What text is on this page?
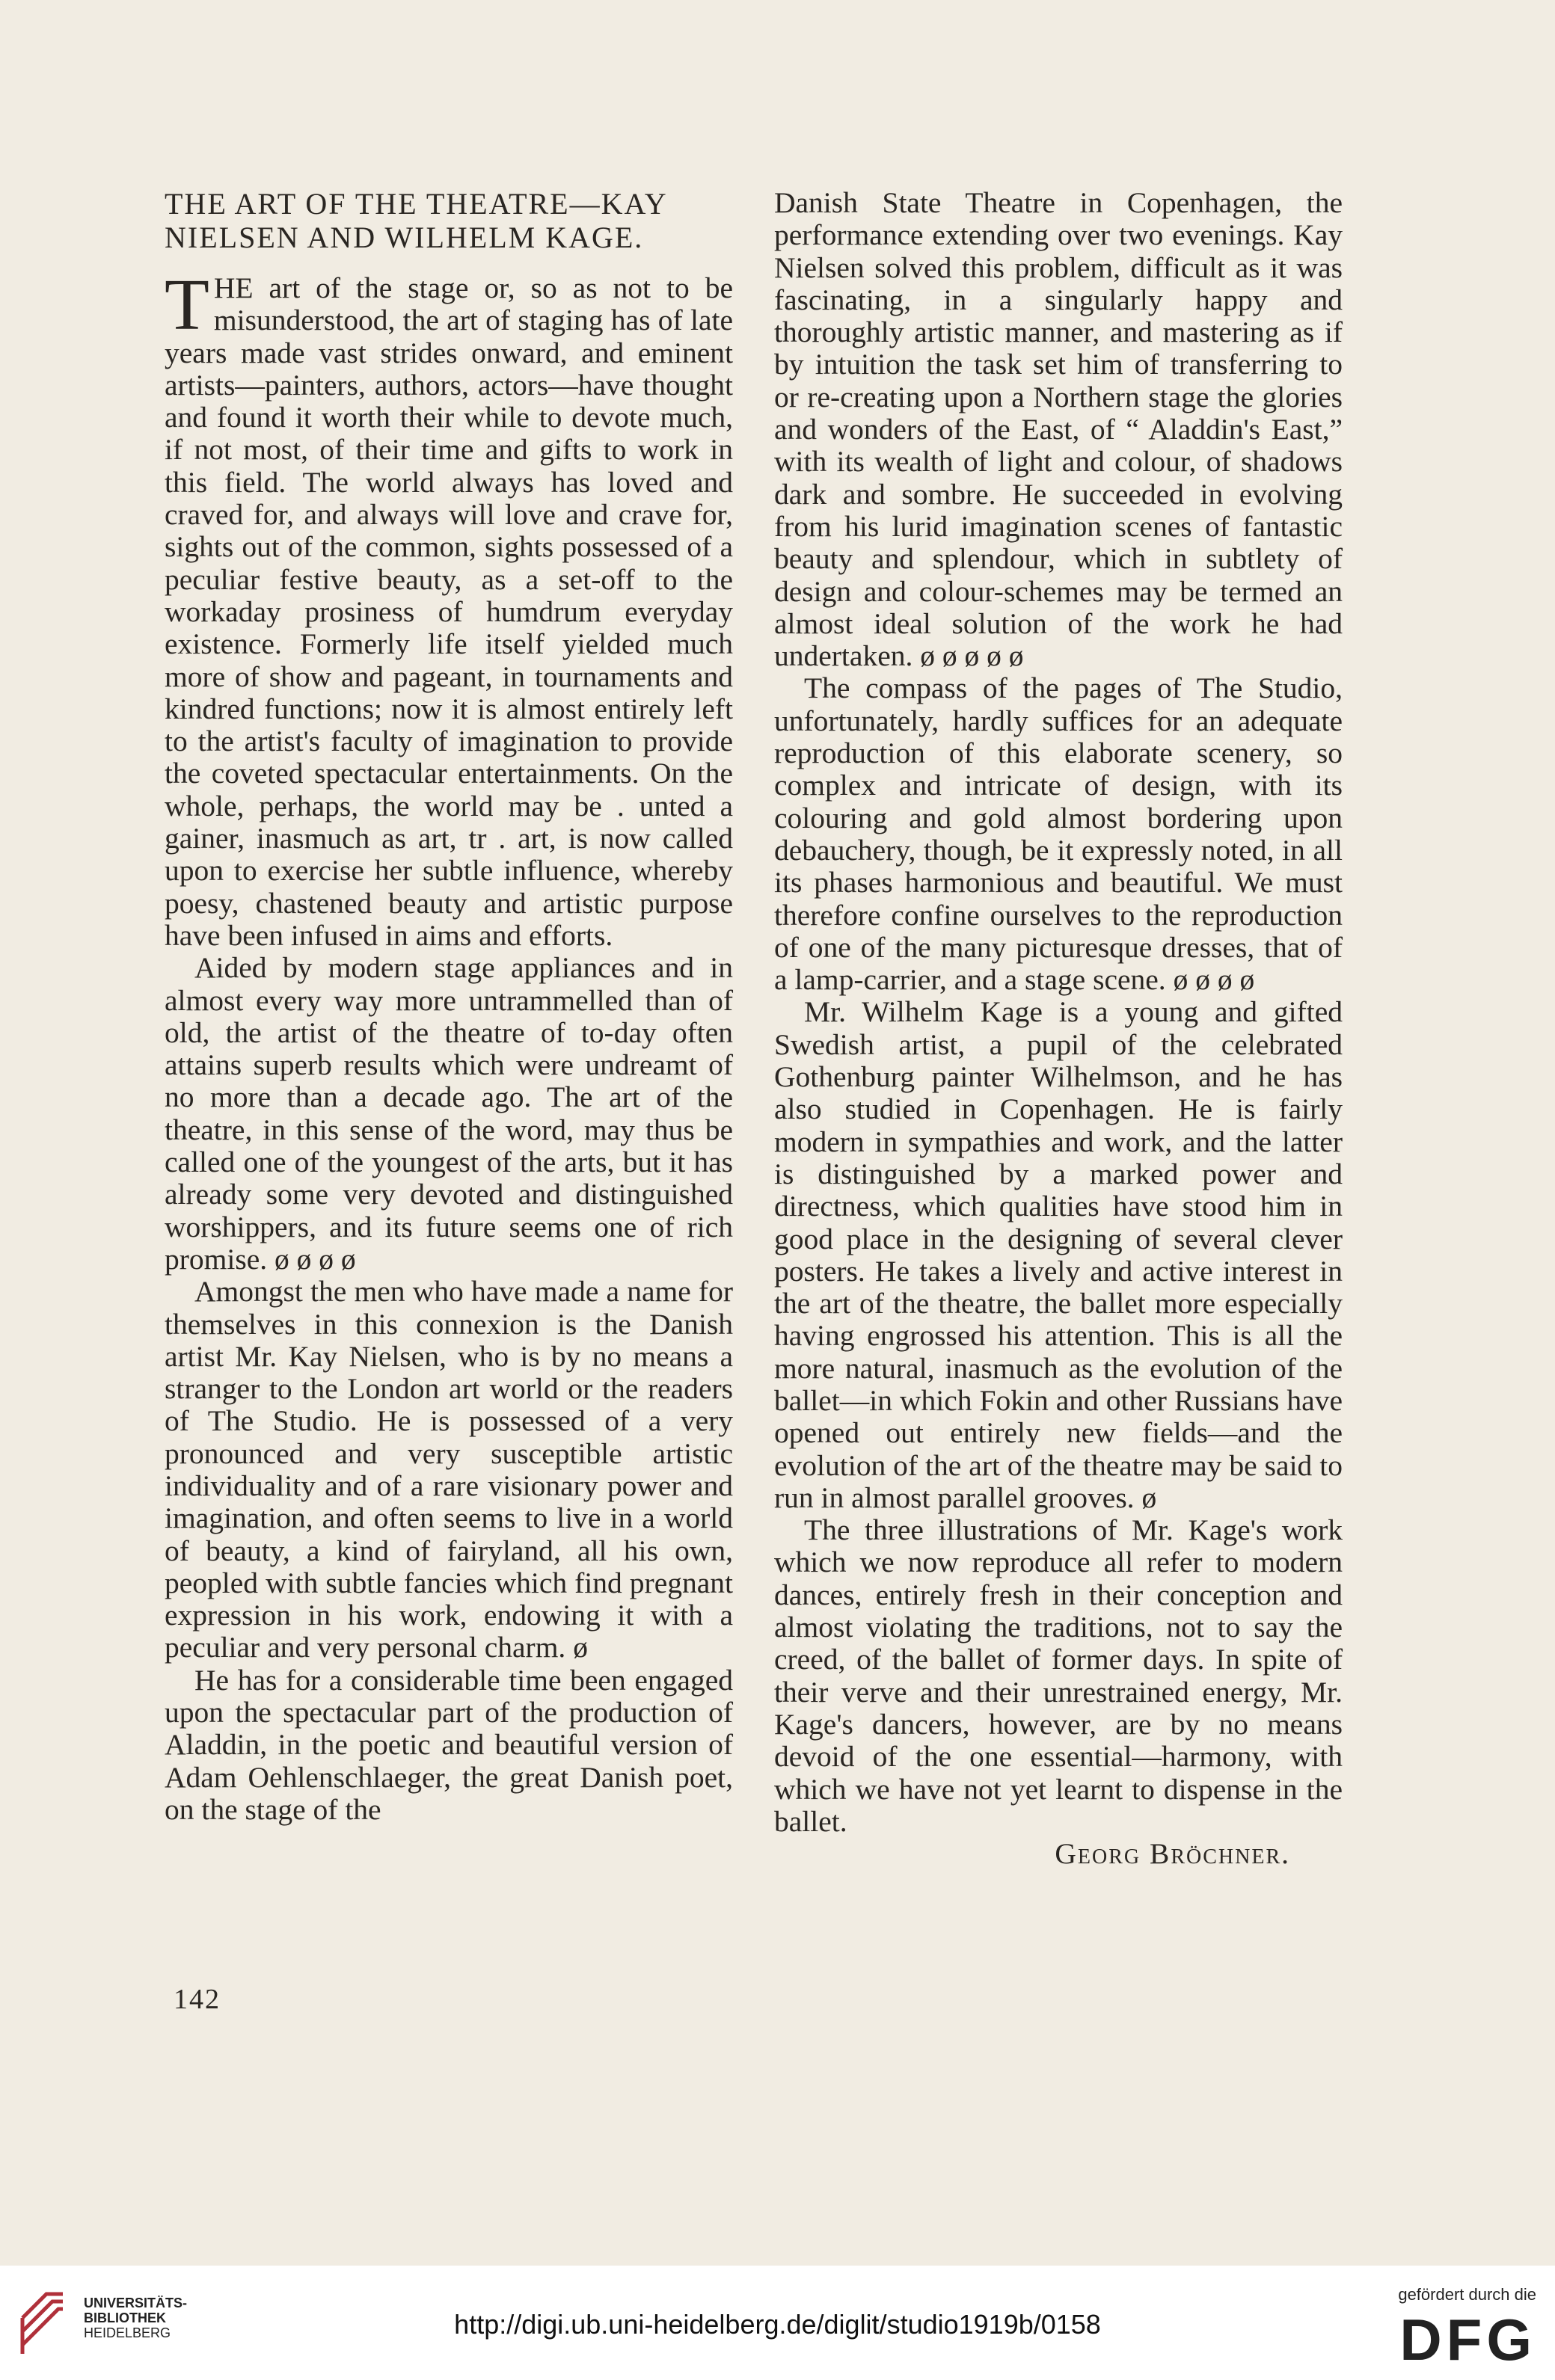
THE ART OF THE THEATRE—KAY
NIELSEN AND WILHELM KAGE.

THE art of the stage or, so as not to be misunderstood, the art of staging has of late years made vast strides onward, and eminent artists—painters, authors, actors—have thought and found it worth their while to devote much, if not most, of their time and gifts to work in this field. The world always has loved and craved for, and always will love and crave for, sights out of the common, sights possessed of a peculiar festive beauty, as a set-off to the workaday prosiness of humdrum everyday existence. Formerly life itself yielded much more of show and pageant, in tournaments and kindred functions; now it is almost entirely left to the artist's faculty of imagination to provide the coveted spectacular entertainments. On the whole, perhaps, the world may be . unted a gainer, inasmuch as art, tr . art, is now called upon to exercise her subtle influence, whereby poesy, chastened beauty and artistic purpose have been infused in aims and efforts.

Aided by modern stage appliances and in almost every way more untrammelled than of old, the artist of the theatre of to-day often attains superb results which were undreamt of no more than a decade ago. The art of the theatre, in this sense of the word, may thus be called one of the youngest of the arts, but it has already some very devoted and distinguished worshippers, and its future seems one of rich promise. ø ø ø ø

Amongst the men who have made a name for themselves in this connexion is the Danish artist Mr. Kay Nielsen, who is by no means a stranger to the London art world or the readers of The Studio. He is possessed of a very pronounced and very susceptible artistic individuality and of a rare visionary power and imagination, and often seems to live in a world of beauty, a kind of fairyland, all his own, peopled with subtle fancies which find pregnant expression in his work, endowing it with a peculiar and very personal charm. ø

He has for a considerable time been engaged upon the spectacular part of the production of Aladdin, in the poetic and beautiful version of Adam Oehlenschlaeger, the great Danish poet, on the stage of the

Danish State Theatre in Copenhagen, the performance extending over two evenings. Kay Nielsen solved this problem, difficult as it was fascinating, in a singularly happy and thoroughly artistic manner, and mastering as if by intuition the task set him of transferring to or re-creating upon a Northern stage the glories and wonders of the East, of “ Aladdin's East,” with its wealth of light and colour, of shadows dark and sombre. He succeeded in evolving from his lurid imagination scenes of fantastic beauty and splendour, which in subtlety of design and colour-schemes may be termed an almost ideal solution of the work he had undertaken. ø ø ø ø ø

The compass of the pages of The Studio, unfortunately, hardly suffices for an adequate reproduction of this elaborate scenery, so complex and intricate of design, with its colouring and gold almost bordering upon debauchery, though, be it expressly noted, in all its phases harmonious and beautiful. We must therefore confine ourselves to the reproduction of one of the many picturesque dresses, that of a lamp-carrier, and a stage scene. ø ø ø ø

Mr. Wilhelm Kage is a young and gifted Swedish artist, a pupil of the celebrated Gothenburg painter Wilhelmson, and he has also studied in Copenhagen. He is fairly modern in sympathies and work, and the latter is distinguished by a marked power and directness, which qualities have stood him in good place in the designing of several clever posters. He takes a lively and active interest in the art of the theatre, the ballet more especially having engrossed his attention. This is all the more natural, inasmuch as the evolution of the ballet—in which Fokin and other Russians have opened out entirely new fields—and the evolution of the art of the theatre may be said to run in almost parallel grooves. ø

The three illustrations of Mr. Kage's work which we now reproduce all refer to modern dances, entirely fresh in their conception and almost violating the traditions, not to say the creed, of the ballet of former days. In spite of their verve and their unrestrained energy, Mr. Kage's dancers, however, are by no means devoid of the one essential—harmony, with which we have not yet learnt to dispense in the ballet.

Georg Bröchner.

142
UNIVERSITÄTS-
BIBLIOTHEK
HEIDELBERG	http://digi.ub.uni-heidelberg.de/diglit/studio1919b/0158
gefördert durch die
DFG
